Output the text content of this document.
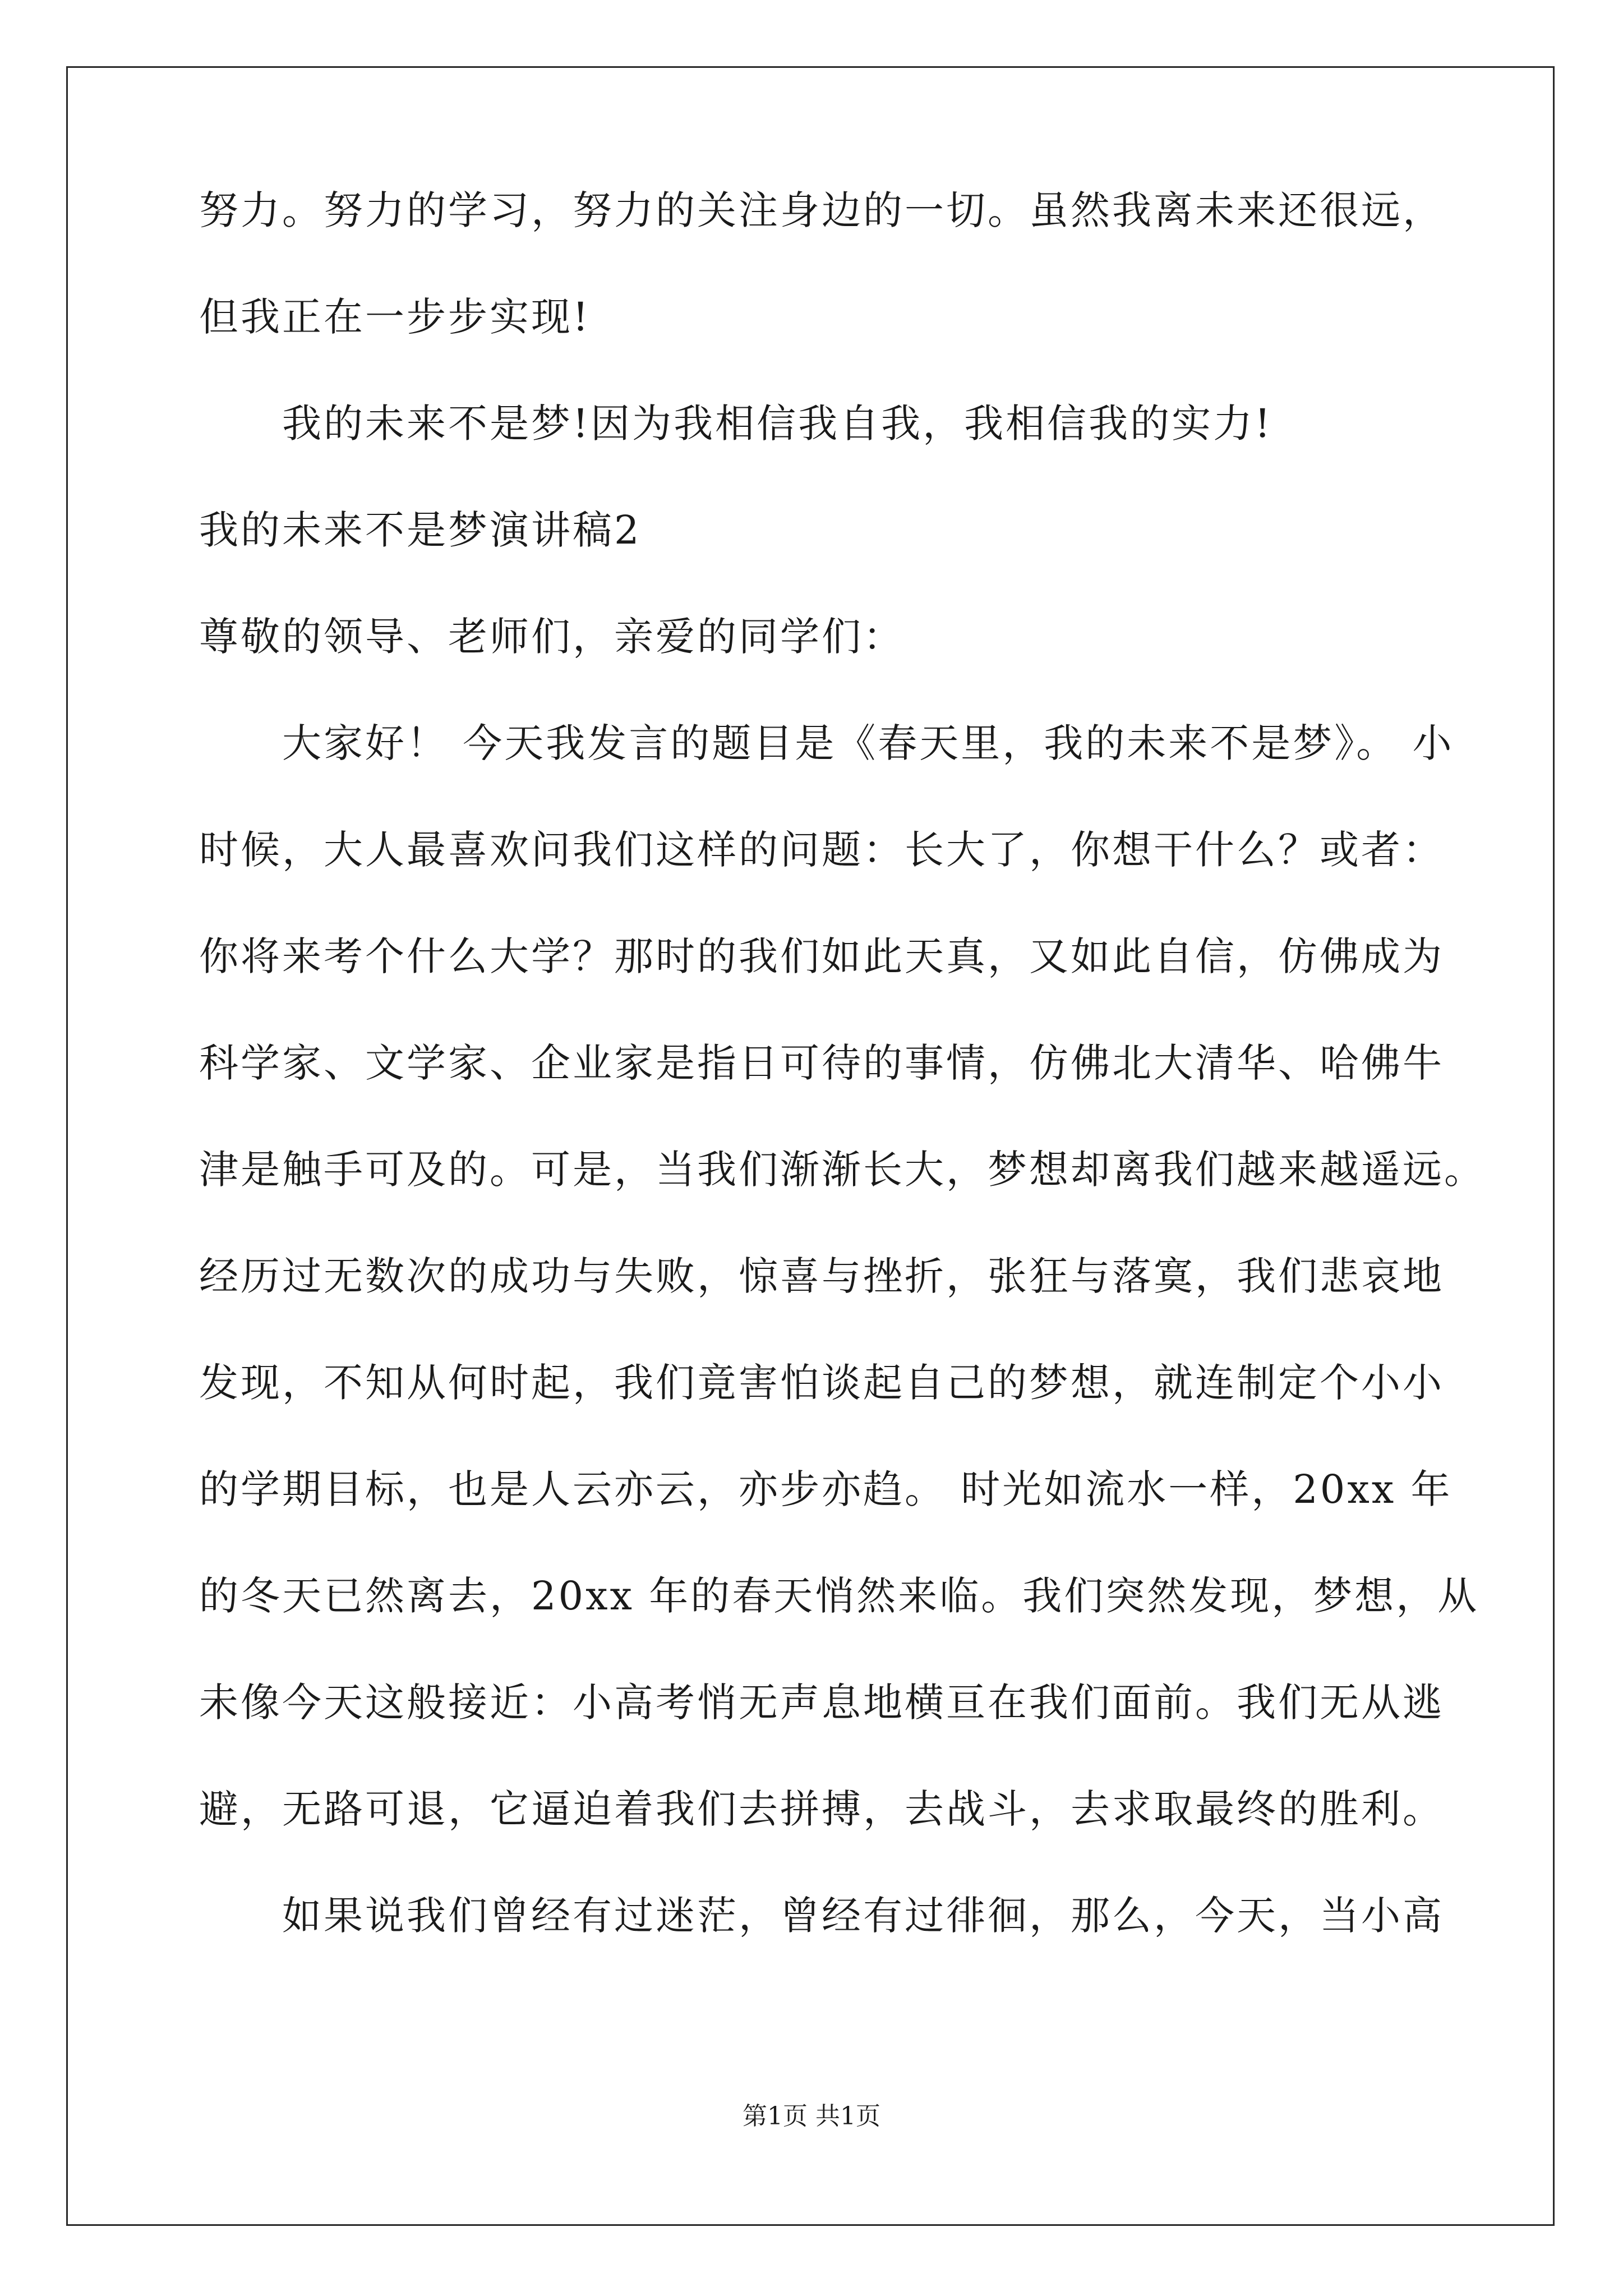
努力。努力的学习，努力的关注身边的一切。虽然我离未来还很远，
但我正在一步步实现!
我的未来不是梦!因为我相信我自我，我相信我的实力!
我的未来不是梦演讲稿2
尊敬的领导、老师们，亲爱的同学们：
大家好！ 今天我发言的题目是《春天里，我的未来不是梦》。 小
时候，大人最喜欢问我们这样的问题：长大了，你想干什么？或者：
你将来考个什么大学？那时的我们如此天真，又如此自信，仿佛成为
科学家、文学家、企业家是指日可待的事情，仿佛北大清华、哈佛牛
津是触手可及的。可是，当我们渐渐长大，梦想却离我们越来越遥远。
经历过无数次的成功与失败，惊喜与挫折，张狂与落寞，我们悲哀地
发现，不知从何时起，我们竟害怕谈起自己的梦想，就连制定个小小
的学期目标，也是人云亦云，亦步亦趋。 时光如流水一样，20xx 年
的冬天已然离去，20xx 年的春天悄然来临。我们突然发现，梦想，从
未像今天这般接近：小高考悄无声息地横亘在我们面前。我们无从逃
避，无路可退，它逼迫着我们去拼搏，去战斗，去求取最终的胜利。
如果说我们曾经有过迷茫，曾经有过徘徊，那么，今天，当小高
第1页 共1页
